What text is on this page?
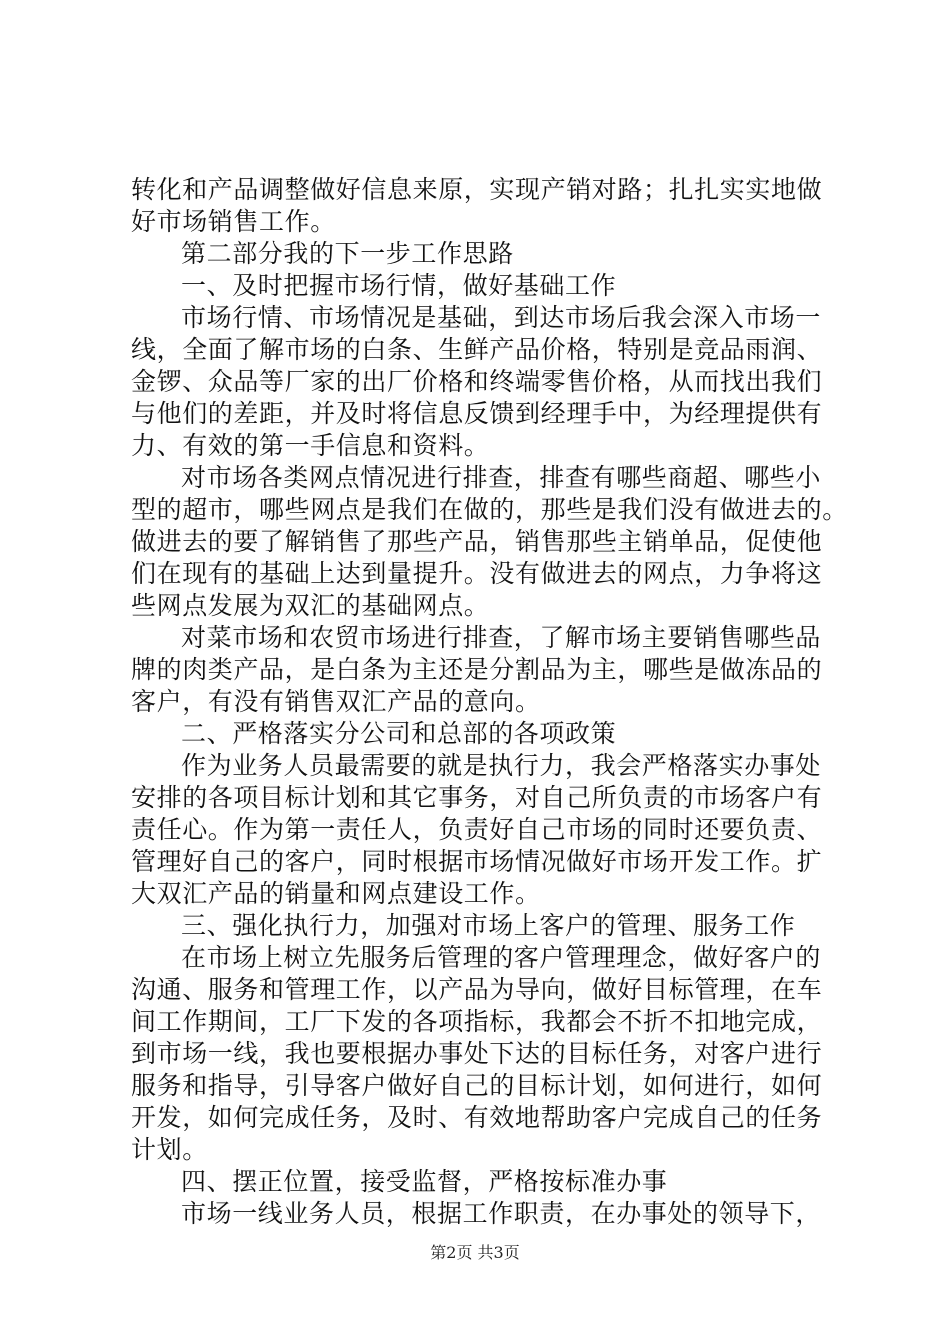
转化和产品调整做好信息来原，实现产销对路；扎扎实实地做
好市场销售工作。
第二部分我的下一步工作思路
一、及时把握市场行情，做好基础工作
市场行情、市场情况是基础，到达市场后我会深入市场一
线，全面了解市场的白条、生鲜产品价格，特别是竞品雨润、
金锣、众品等厂家的出厂价格和终端零售价格，从而找出我们
与他们的差距，并及时将信息反馈到经理手中，为经理提供有
力、有效的第一手信息和资料。
对市场各类网点情况进行排查，排查有哪些商超、哪些小
型的超市，哪些网点是我们在做的，那些是我们没有做进去的。
做进去的要了解销售了那些产品，销售那些主销单品，促使他
们在现有的基础上达到量提升。没有做进去的网点，力争将这
些网点发展为双汇的基础网点。
对菜市场和农贸市场进行排查，了解市场主要销售哪些品
牌的肉类产品，是白条为主还是分割品为主，哪些是做冻品的
客户，有没有销售双汇产品的意向。
二、严格落实分公司和总部的各项政策
作为业务人员最需要的就是执行力，我会严格落实办事处
安排的各项目标计划和其它事务，对自己所负责的市场客户有
责任心。作为第一责任人，负责好自己市场的同时还要负责、
管理好自己的客户，同时根据市场情况做好市场开发工作。扩
大双汇产品的销量和网点建设工作。
三、强化执行力，加强对市场上客户的管理、服务工作
在市场上树立先服务后管理的客户管理理念，做好客户的
沟通、服务和管理工作，以产品为导向，做好目标管理，在车
间工作期间，工厂下发的各项指标，我都会不折不扣地完成，
到市场一线，我也要根据办事处下达的目标任务，对客户进行
服务和指导，引导客户做好自己的目标计划，如何进行，如何
开发，如何完成任务，及时、有效地帮助客户完成自己的任务
计划。
四、摆正位置，接受监督，严格按标准办事
市场一线业务人员，根据工作职责，在办事处的领导下，
第2页 共3页
